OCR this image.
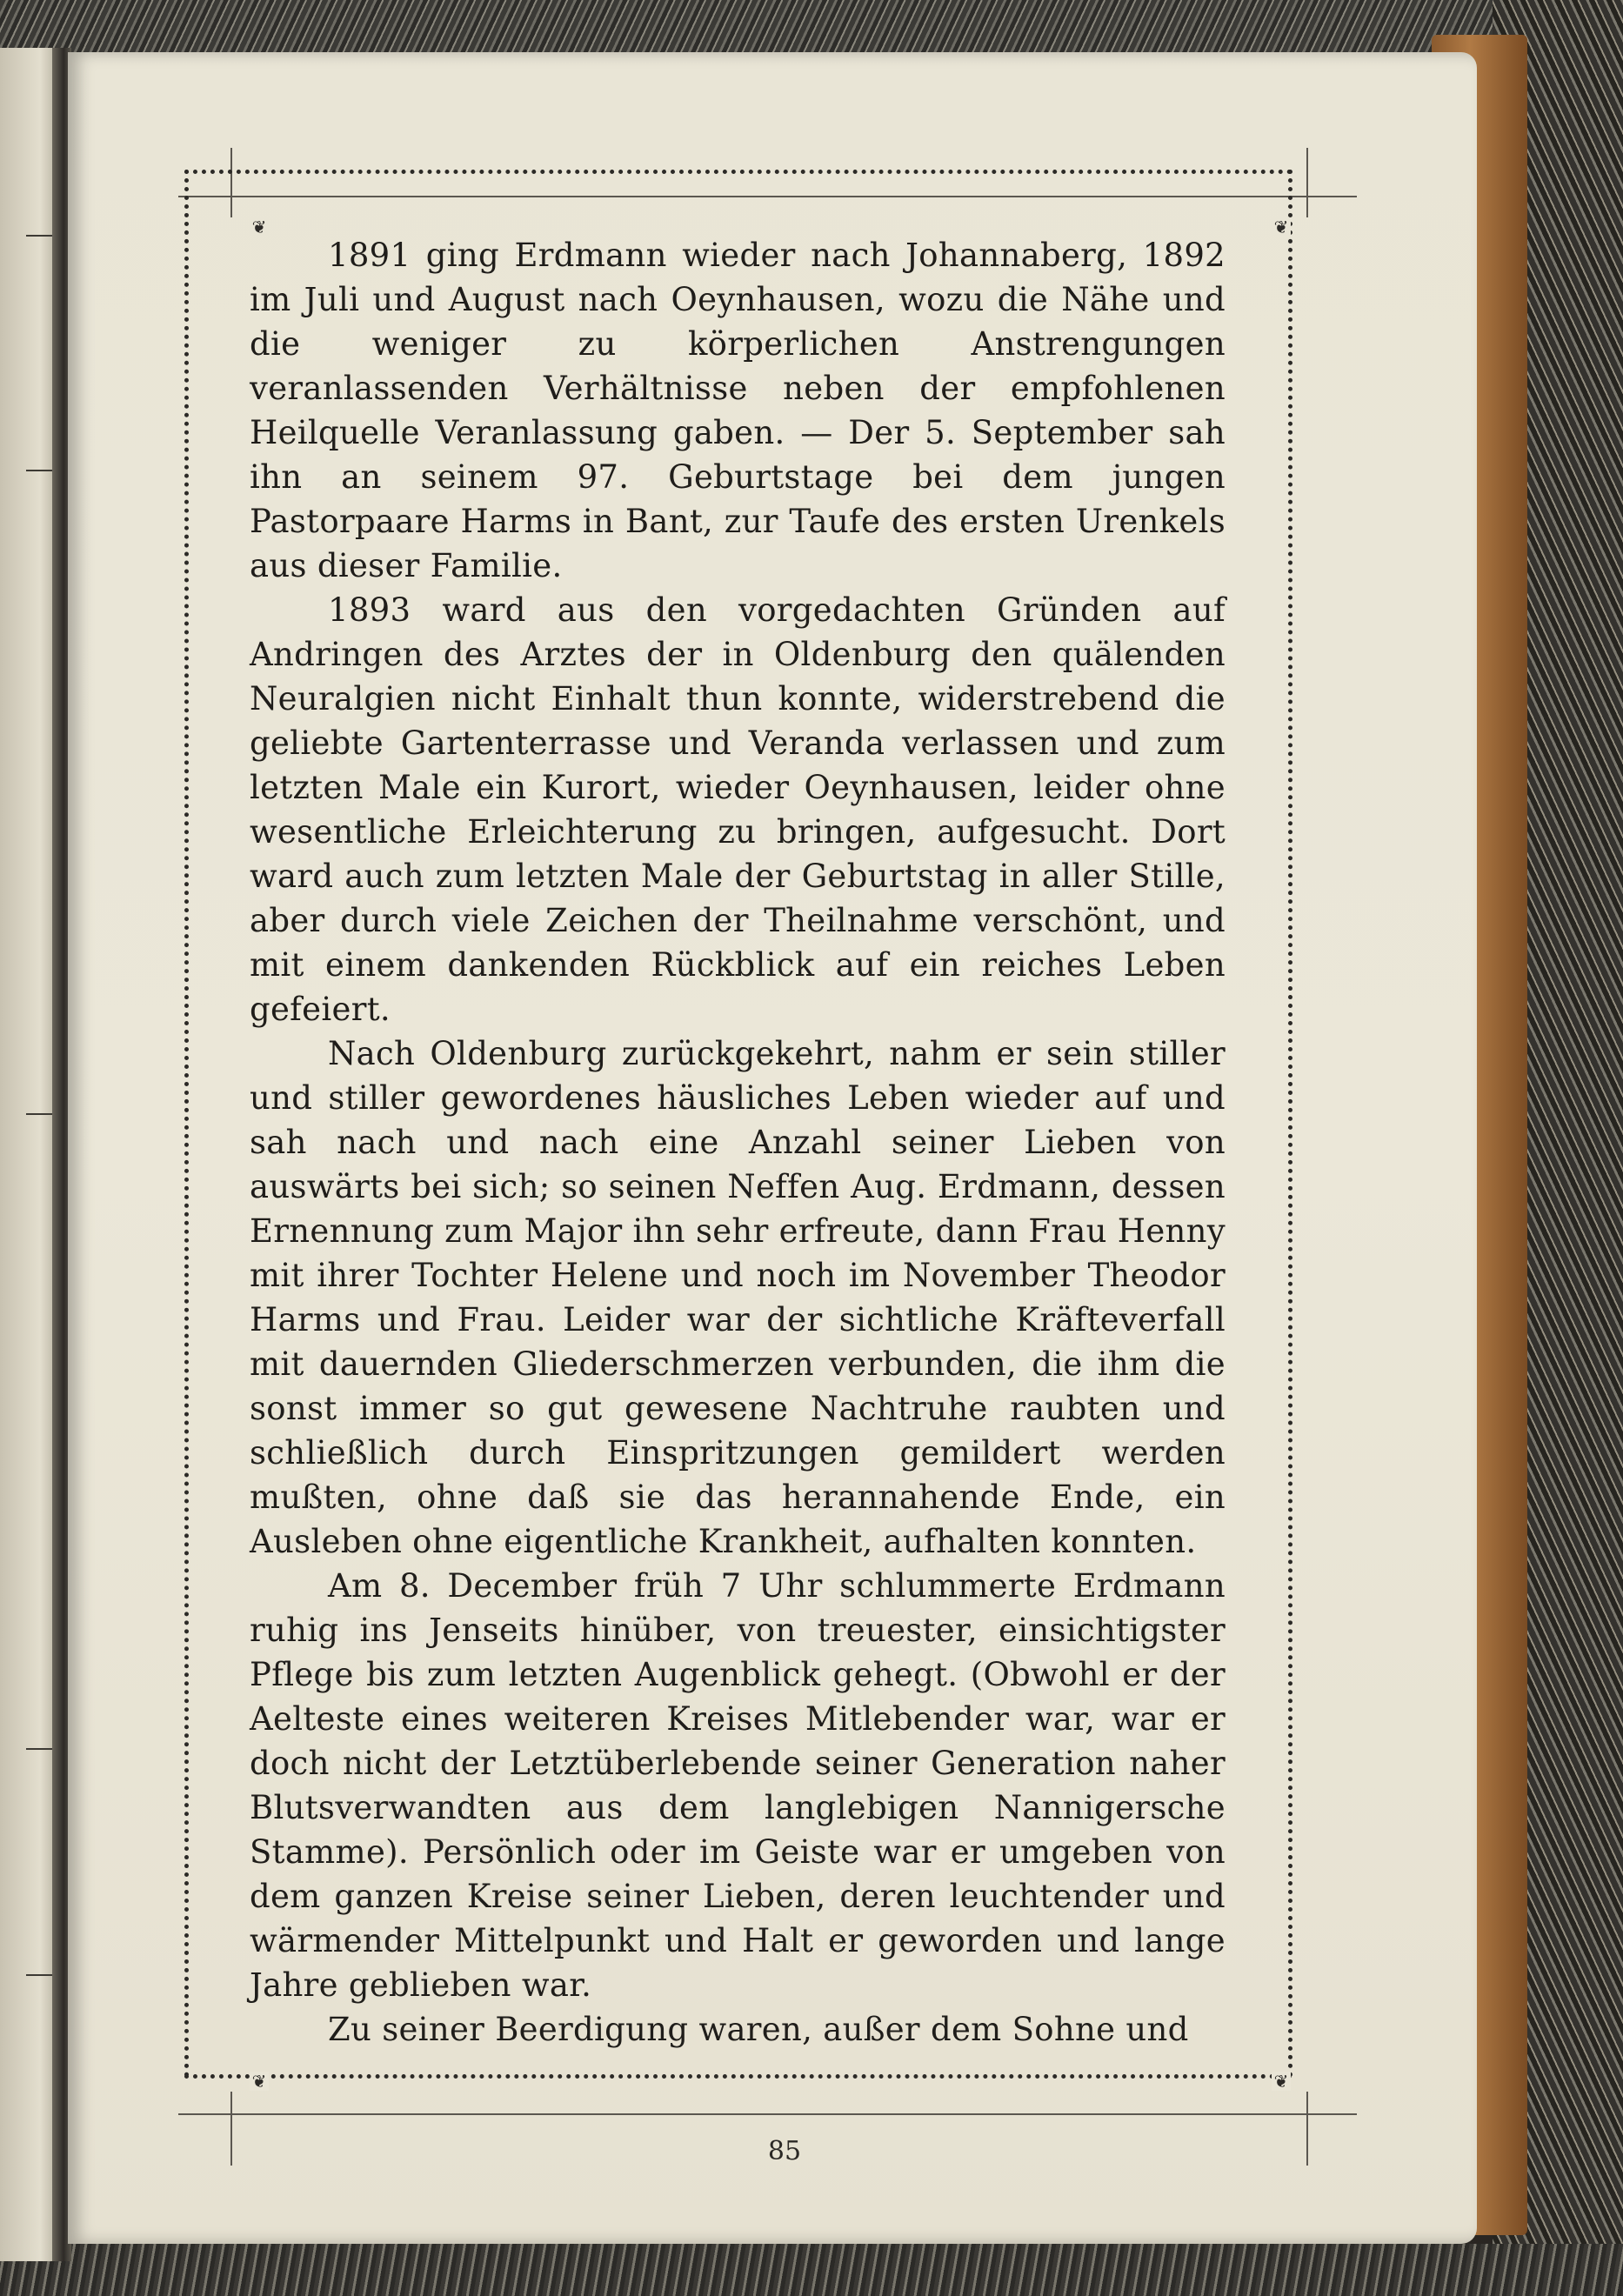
❦	❦
❦	❦

1891 ging Erdmann wieder nach Johannaberg, 1892 im Juli und August nach Oeynhausen, wozu die Nähe und die weniger zu körperlichen Anstrengungen veranlassenden Verhältnisse neben der empfohlenen Heilquelle Veranlassung gaben. — Der 5. September sah ihn an seinem 97. Geburtstage bei dem jungen Pastorpaare Harms in Bant, zur Taufe des ersten Urenkels aus dieser Familie.

1893 ward aus den vorgedachten Gründen auf Andringen des Arztes der in Oldenburg den quälenden Neuralgien nicht Einhalt thun konnte, widerstrebend die geliebte Gartenterrasse und Veranda verlassen und zum letzten Male ein Kurort, wieder Oeynhausen, leider ohne wesentliche Erleichterung zu bringen, aufgesucht. Dort ward auch zum letzten Male der Geburtstag in aller Stille, aber durch viele Zeichen der Theilnahme verschönt, und mit einem dankenden Rückblick auf ein reiches Leben gefeiert.

Nach Oldenburg zurückgekehrt, nahm er sein stiller und stiller gewordenes häusliches Leben wieder auf und sah nach und nach eine Anzahl seiner Lieben von auswärts bei sich; so seinen Neffen Aug. Erdmann, dessen Ernennung zum Major ihn sehr erfreute, dann Frau Henny mit ihrer Tochter Helene und noch im November Theodor Harms und Frau. Leider war der sichtliche Kräfteverfall mit dauernden Gliederschmerzen verbunden, die ihm die sonst immer so gut gewesene Nachtruhe raubten und schließlich durch Einspritzungen gemildert werden mußten, ohne daß sie das herannahende Ende, ein Ausleben ohne eigentliche Krankheit, aufhalten konnten.

Am 8. December früh 7 Uhr schlummerte Erdmann ruhig ins Jenseits hinüber, von treuester, einsichtigster Pflege bis zum letzten Augenblick gehegt. (Obwohl er der Aelteste eines weiteren Kreises Mitlebender war, war er doch nicht der Letztüberlebende seiner Generation naher Blutsverwandten aus dem langlebigen Nannigersche Stamme). Persönlich oder im Geiste war er umgeben von dem ganzen Kreise seiner Lieben, deren leuchtender und wärmender Mittelpunkt und Halt er geworden und lange Jahre geblieben war.

Zu seiner Beerdigung waren, außer dem Sohne und

85
